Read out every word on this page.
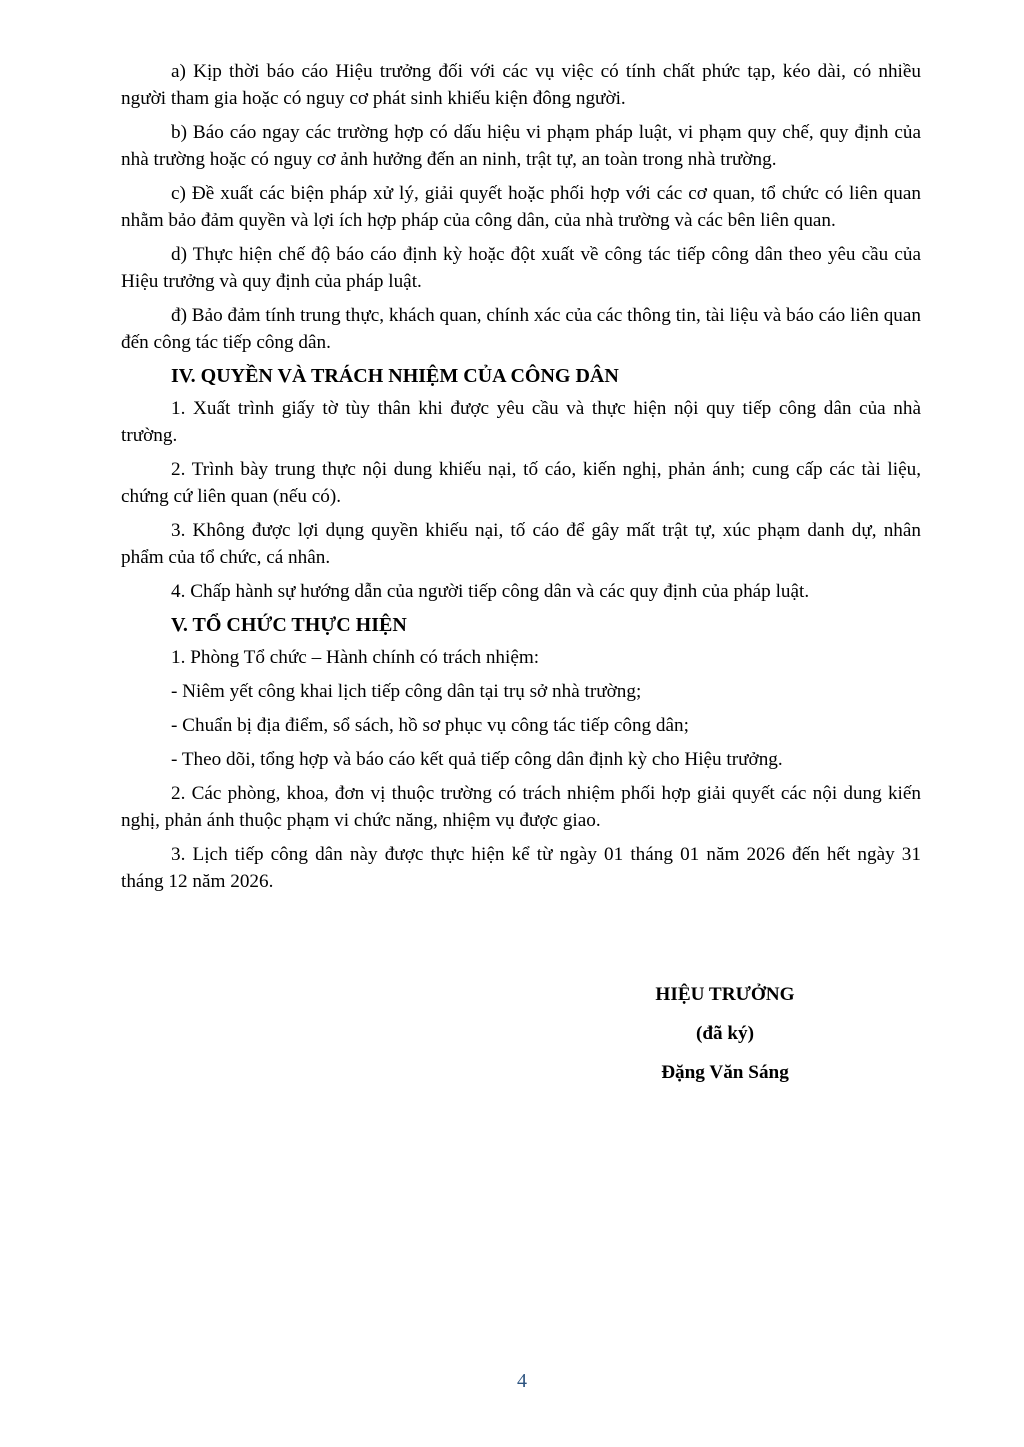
a) Kịp thời báo cáo Hiệu trưởng đối với các vụ việc có tính chất phức tạp, kéo dài, có nhiều người tham gia hoặc có nguy cơ phát sinh khiếu kiện đông người.

b) Báo cáo ngay các trường hợp có dấu hiệu vi phạm pháp luật, vi phạm quy chế, quy định của nhà trường hoặc có nguy cơ ảnh hưởng đến an ninh, trật tự, an toàn trong nhà trường.

c) Đề xuất các biện pháp xử lý, giải quyết hoặc phối hợp với các cơ quan, tổ chức có liên quan nhằm bảo đảm quyền và lợi ích hợp pháp của công dân, của nhà trường và các bên liên quan.

d) Thực hiện chế độ báo cáo định kỳ hoặc đột xuất về công tác tiếp công dân theo yêu cầu của Hiệu trưởng và quy định của pháp luật.

đ) Bảo đảm tính trung thực, khách quan, chính xác của các thông tin, tài liệu và báo cáo liên quan đến công tác tiếp công dân.

IV. QUYỀN VÀ TRÁCH NHIỆM CỦA CÔNG DÂN

1. Xuất trình giấy tờ tùy thân khi được yêu cầu và thực hiện nội quy tiếp công dân của nhà trường.

2. Trình bày trung thực nội dung khiếu nại, tố cáo, kiến nghị, phản ánh; cung cấp các tài liệu, chứng cứ liên quan (nếu có).

3. Không được lợi dụng quyền khiếu nại, tố cáo để gây mất trật tự, xúc phạm danh dự, nhân phẩm của tổ chức, cá nhân.

4. Chấp hành sự hướng dẫn của người tiếp công dân và các quy định của pháp luật.

V. TỔ CHỨC THỰC HIỆN

1. Phòng Tổ chức – Hành chính có trách nhiệm:

- Niêm yết công khai lịch tiếp công dân tại trụ sở nhà trường;

- Chuẩn bị địa điểm, sổ sách, hồ sơ phục vụ công tác tiếp công dân;

- Theo dõi, tổng hợp và báo cáo kết quả tiếp công dân định kỳ cho Hiệu trưởng.

2. Các phòng, khoa, đơn vị thuộc trường có trách nhiệm phối hợp giải quyết các nội dung kiến nghị, phản ánh thuộc phạm vi chức năng, nhiệm vụ được giao.

3. Lịch tiếp công dân này được thực hiện kể từ ngày 01 tháng 01 năm 2026 đến hết ngày 31 tháng 12 năm 2026.

HIỆU TRƯỞNG
(đã ký)
Đặng Văn Sáng
4
